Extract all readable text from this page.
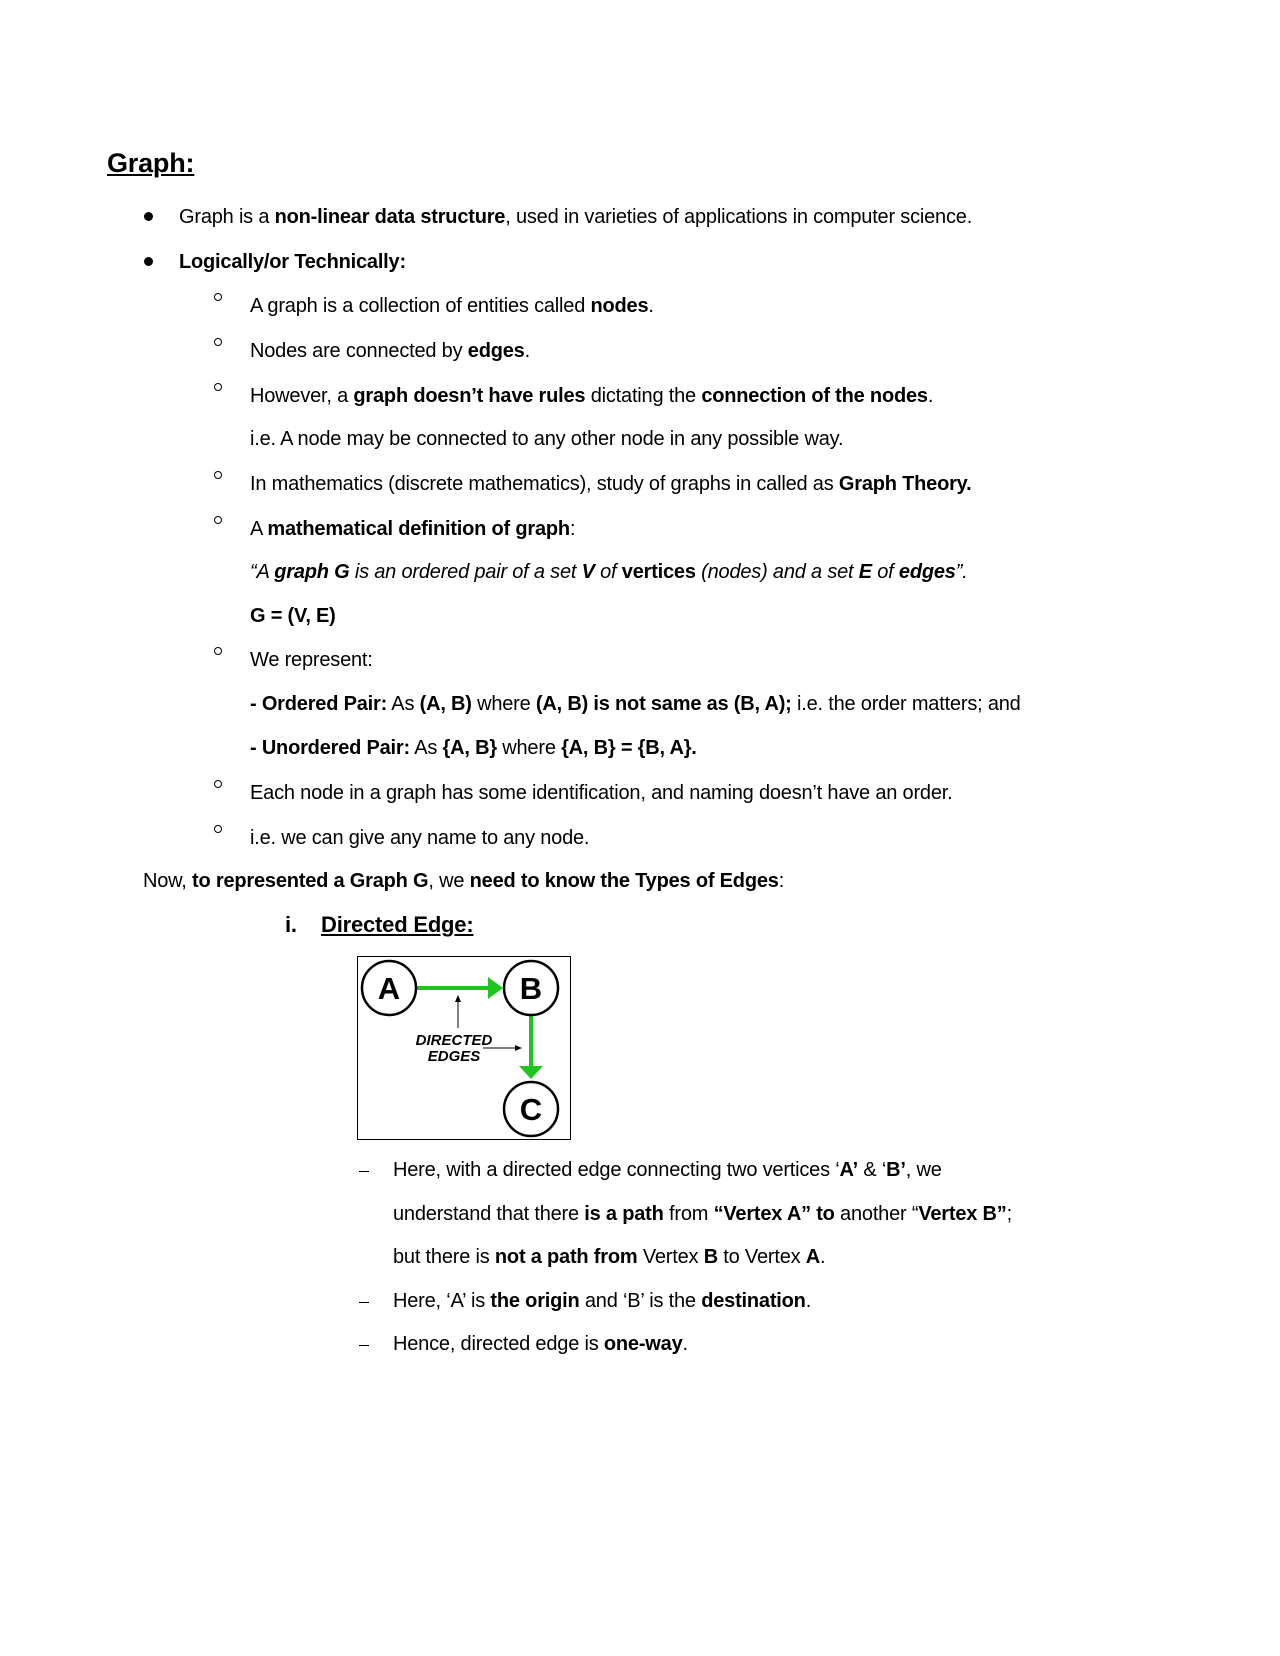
Graph:
Graph is a non-linear data structure, used in varieties of applications in computer science.
Logically/or Technically:
A graph is a collection of entities called nodes.
Nodes are connected by edges.
However, a graph doesn’t have rules dictating the connection of the nodes.
i.e. A node may be connected to any other node in any possible way.
In mathematics (discrete mathematics), study of graphs in called as Graph Theory.
A mathematical definition of graph:
“A graph G is an ordered pair of a set V of vertices (nodes) and a set E of edges”.
G = (V, E)
We represent:
- Ordered Pair: As (A, B) where (A, B) is not same as (B, A); i.e. the order matters; and
- Unordered Pair: As {A, B} where {A, B} = {B, A}.
Each node in a graph has some identification, and naming doesn’t have an order.
i.e. we can give any name to any node.
Now, to represented a Graph G, we need to know the Types of Edges:
i. Directed Edge:
Here, with a directed edge connecting two vertices ‘A’ & ‘B’, we
understand that there is a path from “Vertex A” to another “Vertex B”;
but there is not a path from Vertex B to Vertex A.
Here, ‘A’ is the origin and ‘B’ is the destination.
Hence, directed edge is one-way.
A	B
C
DIRECTED
EDGES
